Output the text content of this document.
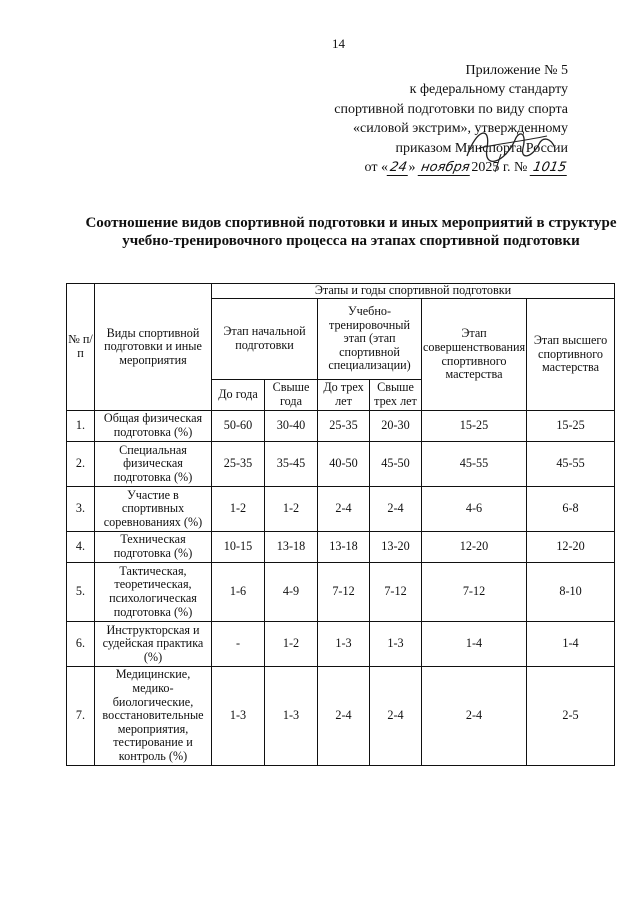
14
Приложение № 5
к федеральному стандарту
спортивной подготовки по виду спорта
«силовой экстрим», утвержденному
приказом Минспорта России
от «24» ноября2025 г. № 1015
Соотношение видов спортивной подготовки и иных мероприятий в структуре
учебно-тренировочного процесса на этапах спортивной подготовки
№ п/п	Виды спортивной подготовки и иные мероприятия	Этапы и годы спортивной подготовки					
		Этап начальной подготовки		Учебно-тренировочный этап (этап спортивной специализации)		Этап совершенствования спортивного мастерства	Этап высшего спортивного мастерства
		До года	Свыше года	До трех лет	Свыше трех лет		
1.	Общая физическая подготовка (%)	50-60	30-40	25-35	20-30	15-25	15-25
2.	Специальная физическая подготовка (%)	25-35	35-45	40-50	45-50	45-55	45-55
3.	Участие в спортивных соревнованиях (%)	1-2	1-2	2-4	2-4	4-6	6-8
4.	Техническая подготовка (%)	10-15	13-18	13-18	13-20	12-20	12-20
5.	Тактическая, теоретическая, психологическая подготовка (%)	1-6	4-9	7-12	7-12	7-12	8-10
6.	Инструкторская и судейская практика (%)	-	1-2	1-3	1-3	1-4	1-4
7.	Медицинские, медико-биологические, восстановительные мероприятия, тестирование и контроль (%)	1-3	1-3	2-4	2-4	2-4	2-5
